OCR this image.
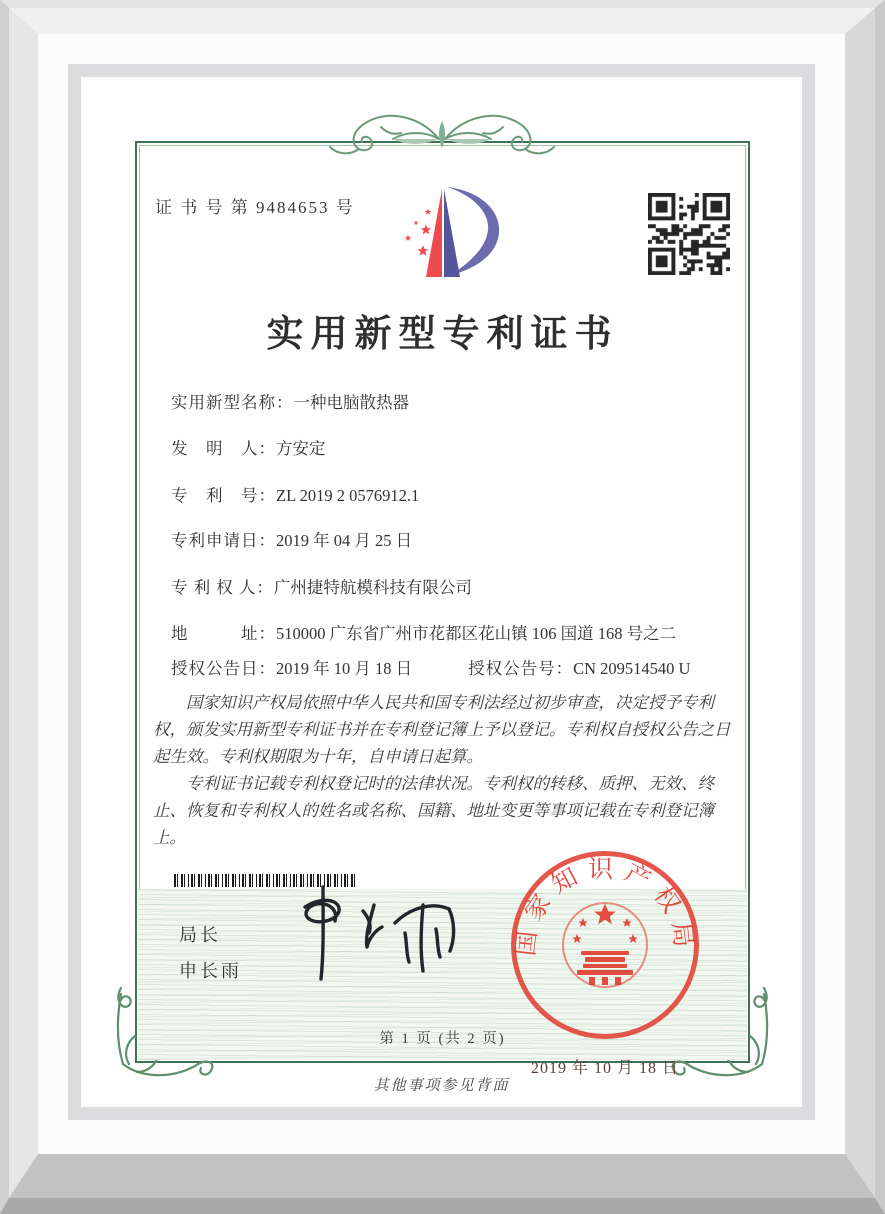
证 书 号 第 9484653 号
实用新型专利证书
实用新型名称：一种电脑散热器
发　明　人：方安定
专　利　号：ZL 2019 2 0576912.1
专利申请日：2019 年 04 月 25 日
专 利 权 人：广州捷特航模科技有限公司
地　　　址：510000 广东省广州市花都区花山镇 106 国道 168 号之二
授权公告日：2019 年 10 月 18 日	授权公告号：CN 209514540 U

国家知识产权局依照中华人民共和国专利法经过初步审查，决定授予专利权，颁发实用新型专利证书并在专利登记簿上予以登记。专利权自授权公告之日起生效。专利权期限为十年，自申请日起算。

专利证书记载专利权登记时的法律状况。专利权的转移、质押、无效、终止、恢复和专利权人的姓名或名称、国籍、地址变更等事项记载在专利登记簿上。

局长
申长雨
国家知识产权局
2019 年 10 月 18 日
第 1 页 (共 2 页)
其他事项参见背面
